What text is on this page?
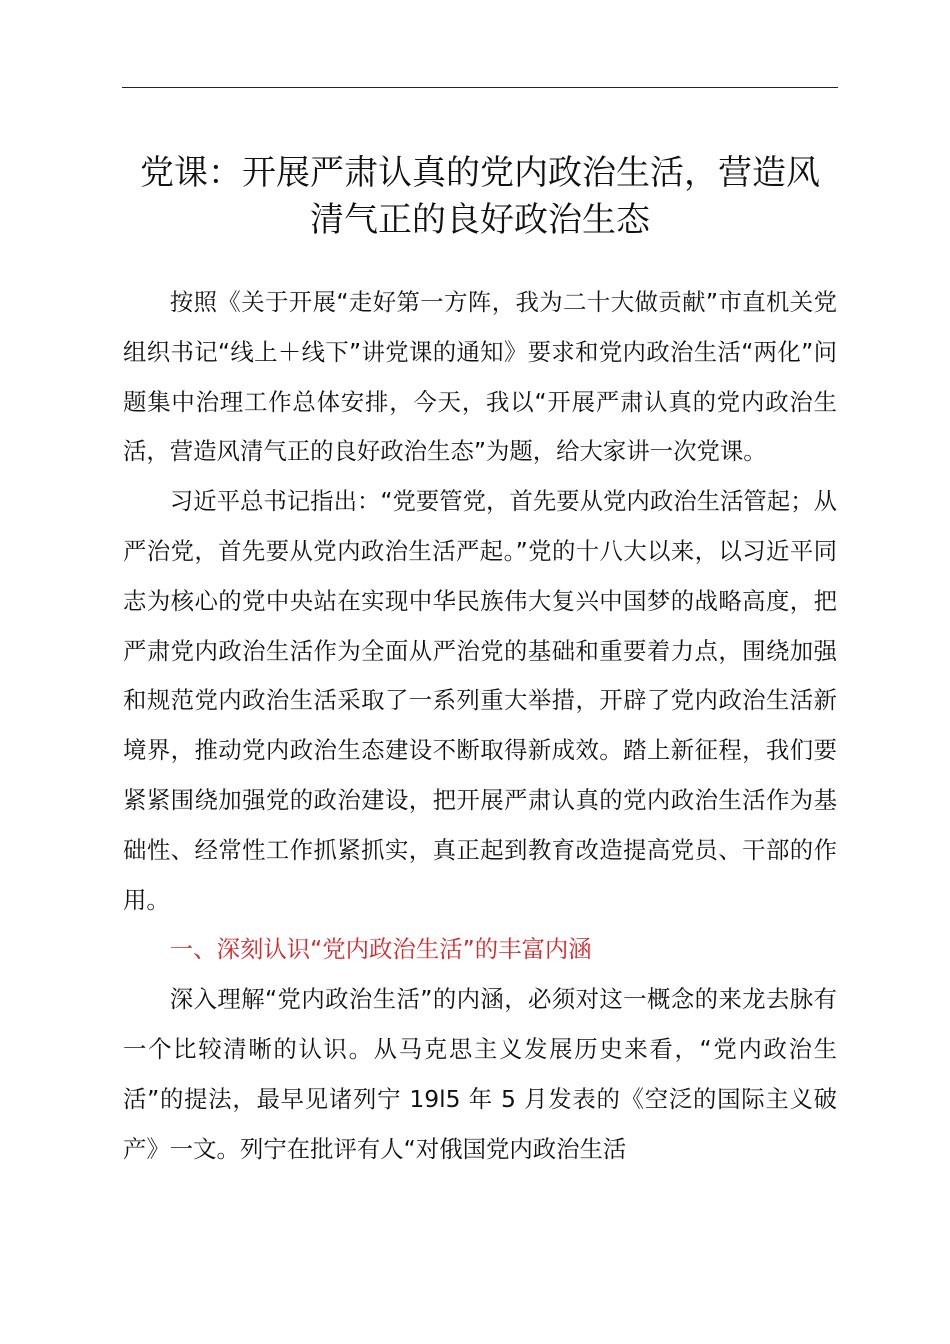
党课：开展严肃认真的党内政治生活，营造风
清气正的良好政治生态

按照《关于开展“走好第一方阵，我为二十大做贡献”市直机关党组织书记“线上＋线下”讲党课的通知》要求和党内政治生活“两化”问题集中治理工作总体安排，今天，我以“开展严肃认真的党内政治生活，营造风清气正的良好政治生态”为题，给大家讲一次党课。

习近平总书记指出：“党要管党，首先要从党内政治生活管起；从严治党，首先要从党内政治生活严起。”党的十八大以来，以习近平同志为核心的党中央站在实现中华民族伟大复兴中国梦的战略高度，把严肃党内政治生活作为全面从严治党的基础和重要着力点，围绕加强和规范党内政治生活采取了一系列重大举措，开辟了党内政治生活新境界，推动党内政治生态建设不断取得新成效。踏上新征程，我们要紧紧围绕加强党的政治建设，把开展严肃认真的党内政治生活作为基础性、经常性工作抓紧抓实，真正起到教育改造提高党员、干部的作用。

一、深刻认识“党内政治生活”的丰富内涵

深入理解“党内政治生活”的内涵，必须对这一概念的来龙去脉有一个比较清晰的认识。从马克思主义发展历史来看，“党内政治生活”的提法，最早见诸列宁 19l5 年 5 月发表的《空泛的国际主义破产》一文。列宁在批评有人“对俄国党内政治生活
